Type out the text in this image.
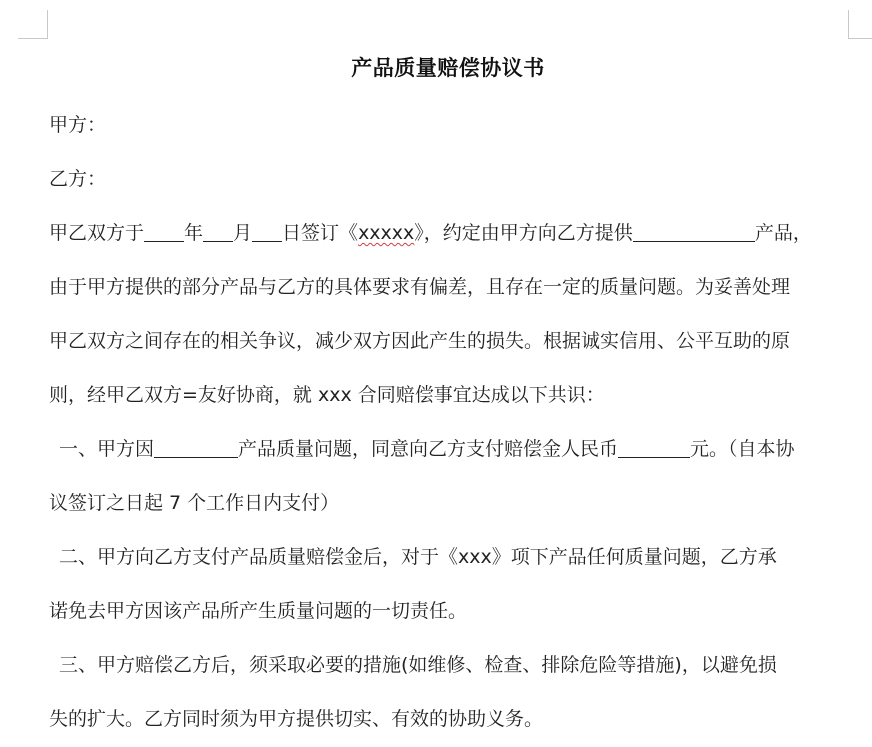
产品质量赔偿协议书
甲方：
乙方：
甲乙双方于 年 月 日签订《xxxxx》，约定由甲方向乙方提供	产品，
由于甲方提供的部分产品与乙方的具体要求有偏差，且存在一定的质量问题。为妥善处理
甲乙双方之间存在的相关争议，减少双方因此产生的损失。根据诚实信用、公平互助的原
则，经甲乙双方=友好协商，就 xxx 合同赔偿事宜达成以下共识：
一、甲方因	产品质量问题，同意向乙方支付赔偿金人民币	元。（自本协
议签订之日起 7 个工作日内支付）
二、甲方向乙方支付产品质量赔偿金后，对于《xxx》项下产品任何质量问题，乙方承
诺免去甲方因该产品所产生质量问题的一切责任。
三、甲方赔偿乙方后，须采取必要的措施(如维修、检查、排除危险等措施)，以避免损
失的扩大。乙方同时须为甲方提供切实、有效的协助义务。
